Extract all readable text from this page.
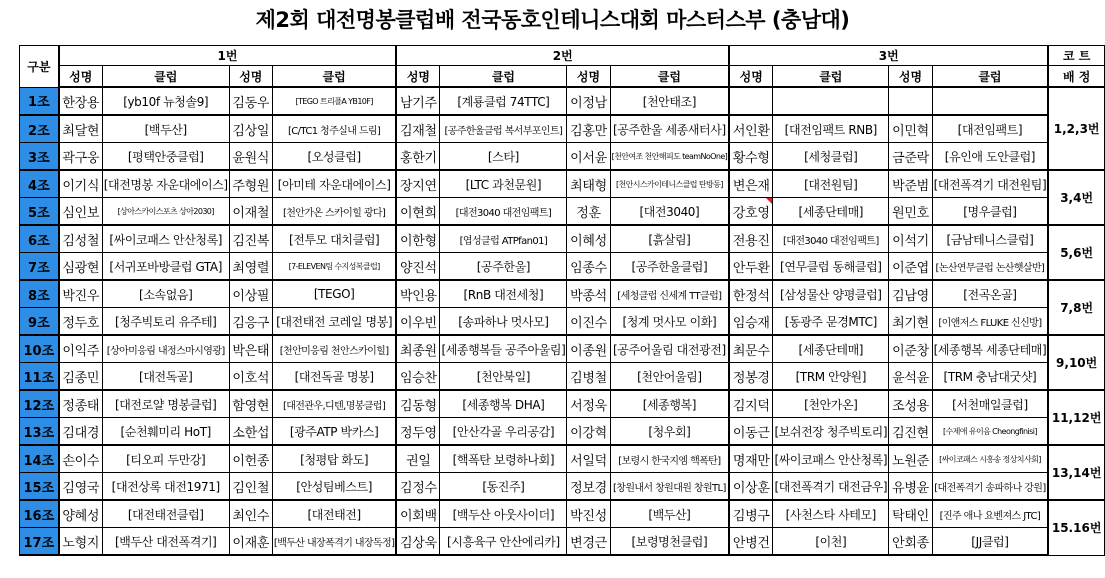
제2회 대전명봉클럽배 전국동호인테니스대회 마스터스부 (충남대)
구분	1번				2번				3번				코 트
	성명	클럽	성명	클럽	성명	클럽	성명	클럽	성명	클럽	성명	클럽	배 정
1조	한장용	[yb10f 뉴청솔9]	김동우	[TEGO 트리플A YB10F]	남기주	[계룡클럽 74TTC]	이정남	[천안태조]					1,2,3번
2조	최달현	[백두산]	김상일	[C/TC1 청주실내 드림]	김재철	[공주한울클럽 복서부포인트]	김홍만	[공주한울 세종새터사]	서인환	[대전임팩트 RNB]	이민혁	[대전임팩트]	
3조	곽구웅	[평택안중클럽]	윤원식	[오성클럽]	홍한기	[스타]	이서윤	[천안여조 천안해피도 teamNoOne]	황수형	[세청클럽]	금준락	[유인애 도안클럽]	
4조	이기식	[대전명봉 자운대에이스]	주형원	[아미테 자운대에이스]	장지연	[LTC 과천문원]	최태형	[천안시스카이테니스클럽 탄방동]	변은재	[대전원팀]	박준범	[대전폭격기 대전원팀]	3,4번
5조	심인보	[상아스카이스포츠 상아2030]	이재철	[천안가온 스카이힐 광다]	이현희	[대전3040 대전임팩트]	정훈	[대전3040]	강호영	[세종단테매]	원민호	[명우클럽]	
6조	김성철	[싸이코패스 안산청록]	김진복	[전투모 대치클럽]	이한형	[엽성클럽 ATPfan01]	이혜성	[흙살림]	전용진	[대전3040 대전임팩트]	이석기	[금남테니스클럽]	5,6번
7조	심광현	[서귀포바방클럽 GTA]	최영렬	[7-ELEVEN팀 수지성복클럽]	양진석	[공주한울]	임종수	[공주한울클럽]	안두환	[연무클럽 동해클럽]	이준엽	[논산연무클럽 논산햇살반]	
8조	박진우	[소속없음]	이상필	[TEGO]	박인용	[RnB 대전세청]	박종석	[세청클럽 신세계 TT클럽]	한정석	[삼성물산 양평클럽]	김남영	[전곡온골]	7,8번
9조	정두호	[청주빅토리 유주테]	김응구	[대전태전 코레일 명봉]	이우빈	[송파하나 멋사모]	이진수	[청계 멋사모 이화]	임승재	[동광주 문경MTC]	최기현	[이앤저스 FLUKE 신신방]	
10조	이익주	[상아미응림 내정스마시영광]	박은태	[천안미응림 천안스카이힐]	최종원	[세종행복들 공주아울림]	이종원	[공주어울림 대전광전]	최문수	[세종단테매]	이준창	[세종행복 세종단테매]	9,10번
11조	김종민	[대전독골]	이호석	[대전독골 명봉]	임승찬	[천안북일]	김병철	[천안어울림]	정봉경	[TRM 안양원]	윤석윤	[TRM 충남대굿샷]	
12조	정종태	[대전로얄 명봉클럽]	함영현	[대전관우,디텐,명봉클럽]	김동형	[세종행복 DHA]	서정욱	[세종행복]	김지덕	[천안가온]	조성용	[서천매일클럽]	11,12번
13조	김대경	[순천훼미리 HoT]	소한섭	[광주ATP 박카스]	정두영	[안산각골 우리공감]	이강혁	[청우회]	이동근	[보쉬전장 청주빅토리]	김진현	[수제애 유이음 Cheongfinisi]	
14조	손이수	[티오피 두만강]	이헌종	[청평탑 화도]	권일	[핵폭탄 보령하나회]	서일덕	[보령시 한국지엠 핵폭탄]	명재만	[싸이코패스 안산청록]	노원준	[싸이코패스 시흥송 정상치사회]	13,14번
15조	김영국	[대전상록 대전1971]	김인철	[안성팀베스트]	김정수	[동진주]	정보경	[창원내서 창원대원 창원TL]	이상훈	[대전폭격기 대전금우]	유병윤	[대전폭격기 송파하나 강원]	
16조	양혜성	[대전태전클럽]	최인수	[대전태전]	이회백	[백두산 아웃사이더]	박진성	[백두산]	김병구	[사천스타 사테모]	탁태인	[진주 애나 요벤져스 JTC]	15.16번
17조	노형지	[백두산 대전폭격기]	이재훈	[백두산 내장폭격기 내장독정]	김상욱	[시흥육구 안산에리카]	변경근	[보령명천클럽]	안병건	[이천]	안회종	[JJ클럽]	
